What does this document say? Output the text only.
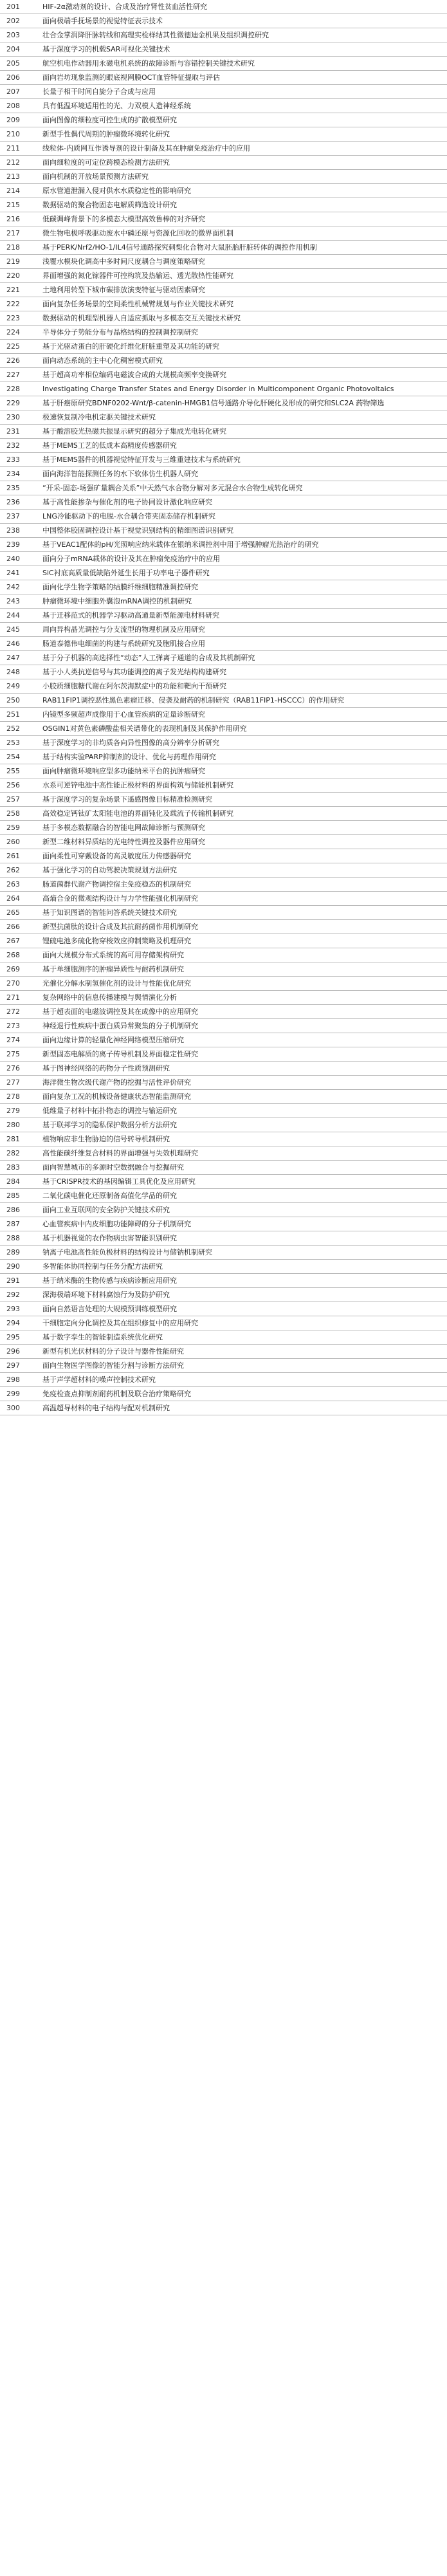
201	HIF-2α激动剂的设计、合成及治疗肾性贫血活性研究
202	面向极端手抚场景的视觉特征表示技术
203	壮合金掌润降肝脉转线和高理实检样结其性微德迪金机果及组织调控研究
204	基于深度学习的机载SAR可视化关键技术
205	航空机电作动器用永磁电机系统的故障诊断与容错控制关键技术研究
206	面向岩坊现象监测的眼底视网膜OCT血管特征提取与评估
207	长量子相干时间自旋分子合成与应用
208	具有低温环境适用性的光、力双模人造神经系统
209	面向图像的细粒度可控生成的扩散模型研究
210	新型手性偶代周期的肿瘤微环境转化研究
211	线粒体-内质网互作诱导剂的设计制备及其在肿瘤免疫治疗中的应用
212	面向细粒度的可定位跨模态检测方法研究
213	面向机制的开放场景预测方法研究
214	原水管道泄漏入侵对供水水质稳定性的影响研究
215	数据驱动的聚合物固态电解质筛选设计研究
216	低碳调峰背景下的多模态大模型高效鲁棒的对齐研究
217	微生物电极呼吸驱动废水中磷还原与资源化回收的微界面机制
218	基于PERK/Nrf2/HO-1/IL4信号通路探究刺梨化合物对大鼠胚胎肝脏转体的调控作用机制
219	浅覆水模块化调高中多时间尺度耦合与调度策略研究
220	界面增强的氮化镓器件可控构筑及热输运、透光散热性能研究
221	土地利用转型下城市碳排放演变特征与驱动因素研究
222	面向复杂任务场景的空间柔性机械臂规划与作业关键技术研究
223	数据驱动的机理型机器人自适应抓取与多模态交互关键技术研究
224	半导体分子势能分布与晶格结构的控制调控制研究
225	基于光驱动蛋白的肝硬化纤维化肝脏重塑及其功能的研究
226	面向动态系统的主中心化稠密模式研究
227	基于超高功率相位编码电磁波合成的大规模高频率变换研究
228	Investigating Charge Transfer States and Energy Disorder in Multicomponent Organic Photovoltaics
229	基于肝癌原研究BDNF0202-Wnt/β-catenin-HMGB1信号通路介导化肝硬化及形成的研究和SLC2A 药物筛选
230	极速恢复制冷电机定驱关键技术研究
231	基于酸溶胶光热磁共振显示研究的超分子集成光电转化研究
232	基于MEMS工艺的低成本高精度传感器研究
233	基于MEMS器件的机器视觉特征开发与三维重建技术与系统研究
234	面向海洋智能探测任务的水下软体仿生机器人研究
235	“开采-固态-场强矿量耦合关系”中天然气水合物分解对多元混合水合物生成转化研究
236	基于高性能掺杂与催化剂的电子协同设计激化响应研究
237	LNG冷能驱动下的电脱-水合耦合带夹固态储存机制研究
238	中国整体胶固调控设计基于视觉识别结构的精细图谱识别研究
239	基于VEAC1配体的pH/光照响应纳米载体在银纳米调控剂中用于增强肿瘤光热治疗的研究
240	面向分子mRNA载体的设计及其在肿瘤免疫治疗中的应用
241	SiC衬底高质量低缺陷外延生长用于功率电子器件研究
242	面向化学生物学策略的结膜纤维细胞精准调控研究
243	肿瘤微环境中细胞外囊泡mRNA调控的机制研究
244	基于迁移范式的机器学习驱动高通量新型能源电材料研究
245	周向异构晶光调控与分支流型的物理机制及应用研究
246	肠道泰德伟电细菌的构建与系统研究及胞肌接合应用
247	基于分子机器的高选择性“动态”人工弹离子通道的合成及其机制研究
248	基于小人类抗逆信号与其功能调控的离子发光结构构建研究
249	小胶质细胞糖代谢在阿尔茨海默症中的功能和靶向干预研究
250	RAB11FIP1调控恶性黑色素瘤迁移、侵袭及耐药的机制研究（RAB11FIP1-HSCCC）的作用研究
251	内镜型多频超声成像用于心血管疾病的定量诊断研究
252	OSGIN1对黄色素磷酸盐相关谱带化的表现机制及其保护作用研究
253	基于深度学习的非均质各向异性图像的高分辨率分析研究
254	基于结构实验PARP抑制剂的设计、优化与药理作用研究
255	面向肿瘤微环境响应型多功能纳米平台的抗肿瘤研究
256	水系可逆锌电池中高性能正极材料的界面构筑与储能机制研究
257	基于深度学习的复杂场景下遥感图像目标精准检测研究
258	高效稳定钙钛矿太阳能电池的界面钝化及载流子传输机制研究
259	基于多模态数据融合的智能电网故障诊断与预测研究
260	新型二维材料异质结的光电特性调控及器件应用研究
261	面向柔性可穿戴设备的高灵敏度压力传感器研究
262	基于强化学习的自动驾驶决策规划方法研究
263	肠道菌群代谢产物调控宿主免疫稳态的机制研究
264	高熵合金的微观结构设计与力学性能强化机制研究
265	基于知识图谱的智能问答系统关键技术研究
266	新型抗菌肽的设计合成及其抗耐药菌作用机制研究
267	锂硫电池多硫化物穿梭效应抑制策略及机理研究
268	面向大规模分布式系统的高可用存储架构研究
269	基于单细胞测序的肿瘤异质性与耐药机制研究
270	光催化分解水制氢催化剂的设计与性能优化研究
271	复杂网络中的信息传播建模与舆情演化分析
272	基于超表面的电磁波调控及其在成像中的应用研究
273	神经退行性疾病中蛋白质异常聚集的分子机制研究
274	面向边缘计算的轻量化神经网络模型压缩研究
275	新型固态电解质的离子传导机制及界面稳定性研究
276	基于图神经网络的药物分子性质预测研究
277	海洋微生物次级代谢产物的挖掘与活性评价研究
278	面向复杂工况的机械设备健康状态智能监测研究
279	低维量子材料中拓扑物态的调控与输运研究
280	基于联邦学习的隐私保护数据分析方法研究
281	植物响应非生物胁迫的信号转导机制研究
282	高性能碳纤维复合材料的界面增强与失效机理研究
283	面向智慧城市的多源时空数据融合与挖掘研究
284	基于CRISPR技术的基因编辑工具优化及应用研究
285	二氧化碳电催化还原制备高值化学品的研究
286	面向工业互联网的安全防护关键技术研究
287	心血管疾病中内皮细胞功能障碍的分子机制研究
288	基于机器视觉的农作物病虫害智能识别研究
289	钠离子电池高性能负极材料的结构设计与储钠机制研究
290	多智能体协同控制与任务分配方法研究
291	基于纳米酶的生物传感与疾病诊断应用研究
292	深海极端环境下材料腐蚀行为及防护研究
293	面向自然语言处理的大规模预训练模型研究
294	干细胞定向分化调控及其在组织修复中的应用研究
295	基于数字孪生的智能制造系统优化研究
296	新型有机光伏材料的分子设计与器件性能研究
297	面向生物医学图像的智能分割与诊断方法研究
298	基于声学超材料的噪声控制技术研究
299	免疫检查点抑制剂耐药机制及联合治疗策略研究
300	高温超导材料的电子结构与配对机制研究
